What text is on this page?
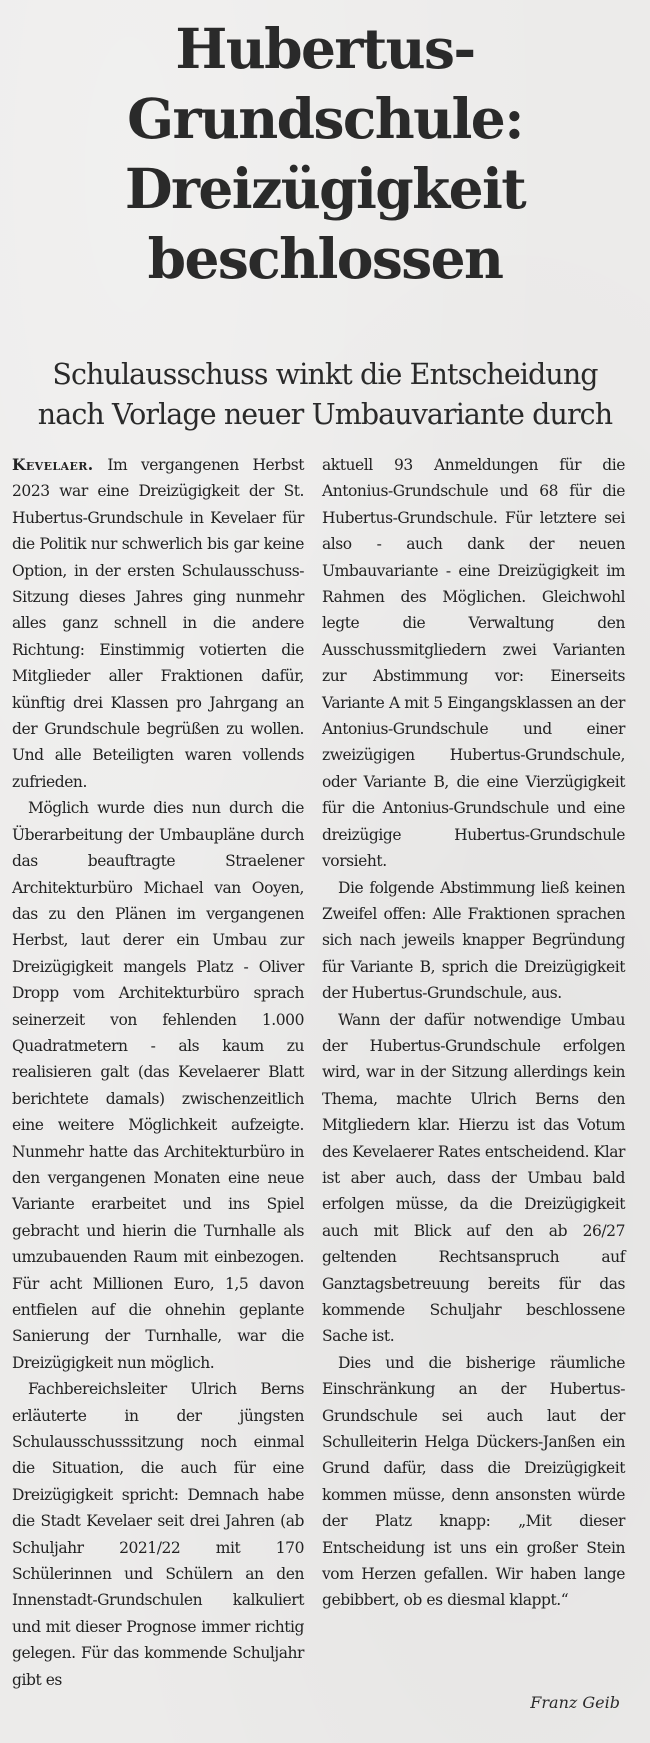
Hubertus-
Grundschule:
Dreizügigkeit
beschlossen
Schulausschuss winkt die Entscheidung
nach Vorlage neuer Umbauvariante durch

Kevelaer. Im vergangenen Herbst 2023 war eine Dreizügigkeit der St. Hubertus-Grundschule in Kevelaer für die Politik nur schwerlich bis gar keine Option, in der ersten Schulausschuss-Sitzung dieses Jahres ging nunmehr alles ganz schnell in die andere Richtung: Einstimmig votierten die Mitglieder aller Fraktionen dafür, künftig drei Klassen pro Jahrgang an der Grundschule begrüßen zu wollen. Und alle Beteiligten waren vollends zufrieden.

Möglich wurde dies nun durch die Überarbeitung der Umbaupläne durch das beauftragte Straelener Architekturbüro Michael van Ooyen, das zu den Plänen im vergangenen Herbst, laut derer ein Umbau zur Dreizügigkeit mangels Platz - Oliver Dropp vom Architekturbüro sprach seinerzeit von fehlenden 1.000 Quadratmetern - als kaum zu realisieren galt (das Kevelaerer Blatt berichtete damals) zwischenzeitlich eine weitere Möglichkeit aufzeigte. Nunmehr hatte das Architekturbüro in den vergangenen Monaten eine neue Variante erarbeitet und ins Spiel gebracht und hierin die Turnhalle als umzubauenden Raum mit einbezogen. Für acht Millionen Euro, 1,5 davon entfielen auf die ohnehin geplante Sanierung der Turnhalle, war die Dreizügigkeit nun möglich.

Fachbereichsleiter Ulrich Berns erläuterte in der jüngsten Schulausschusssitzung noch einmal die Situation, die auch für eine Dreizügigkeit spricht: Demnach habe die Stadt Kevelaer seit drei Jahren (ab Schuljahr 2021/22 mit 170 Schülerinnen und Schülern an den Innenstadt-Grundschulen kalkuliert und mit dieser Prognose immer richtig gelegen. Für das kommende Schuljahr gibt es

aktuell 93 Anmeldungen für die Antonius-Grundschule und 68 für die Hubertus-Grundschule. Für letztere sei also - auch dank der neuen Umbauvariante - eine Dreizügigkeit im Rahmen des Möglichen. Gleichwohl legte die Verwaltung den Ausschussmitgliedern zwei Varianten zur Abstimmung vor: Einerseits Variante A mit 5 Eingangsklassen an der Antonius-Grundschule und einer zweizügigen Hubertus-Grundschule, oder Variante B, die eine Vierzügigkeit für die Antonius-Grundschule und eine dreizügige Hubertus-Grundschule vorsieht.

Die folgende Abstimmung ließ keinen Zweifel offen: Alle Fraktionen sprachen sich nach jeweils knapper Begründung für Variante B, sprich die Dreizügigkeit der Hubertus-Grundschule, aus.

Wann der dafür notwendige Umbau der Hubertus-Grundschule erfolgen wird, war in der Sitzung allerdings kein Thema, machte Ulrich Berns den Mitgliedern klar. Hierzu ist das Votum des Kevelaerer Rates entscheidend. Klar ist aber auch, dass der Umbau bald erfolgen müsse, da die Dreizügigkeit auch mit Blick auf den ab 26/27 geltenden Rechtsanspruch auf Ganztagsbetreuung bereits für das kommende Schuljahr beschlossene Sache ist.

Dies und die bisherige räumliche Einschränkung an der Hubertus-Grundschule sei auch laut der Schulleiterin Helga Dückers-Janßen ein Grund dafür, dass die Dreizügigkeit kommen müsse, denn ansonsten würde der Platz knapp: „Mit dieser Entscheidung ist uns ein großer Stein vom Herzen gefallen. Wir haben lange gebibbert, ob es diesmal klappt.“

Franz Geib
